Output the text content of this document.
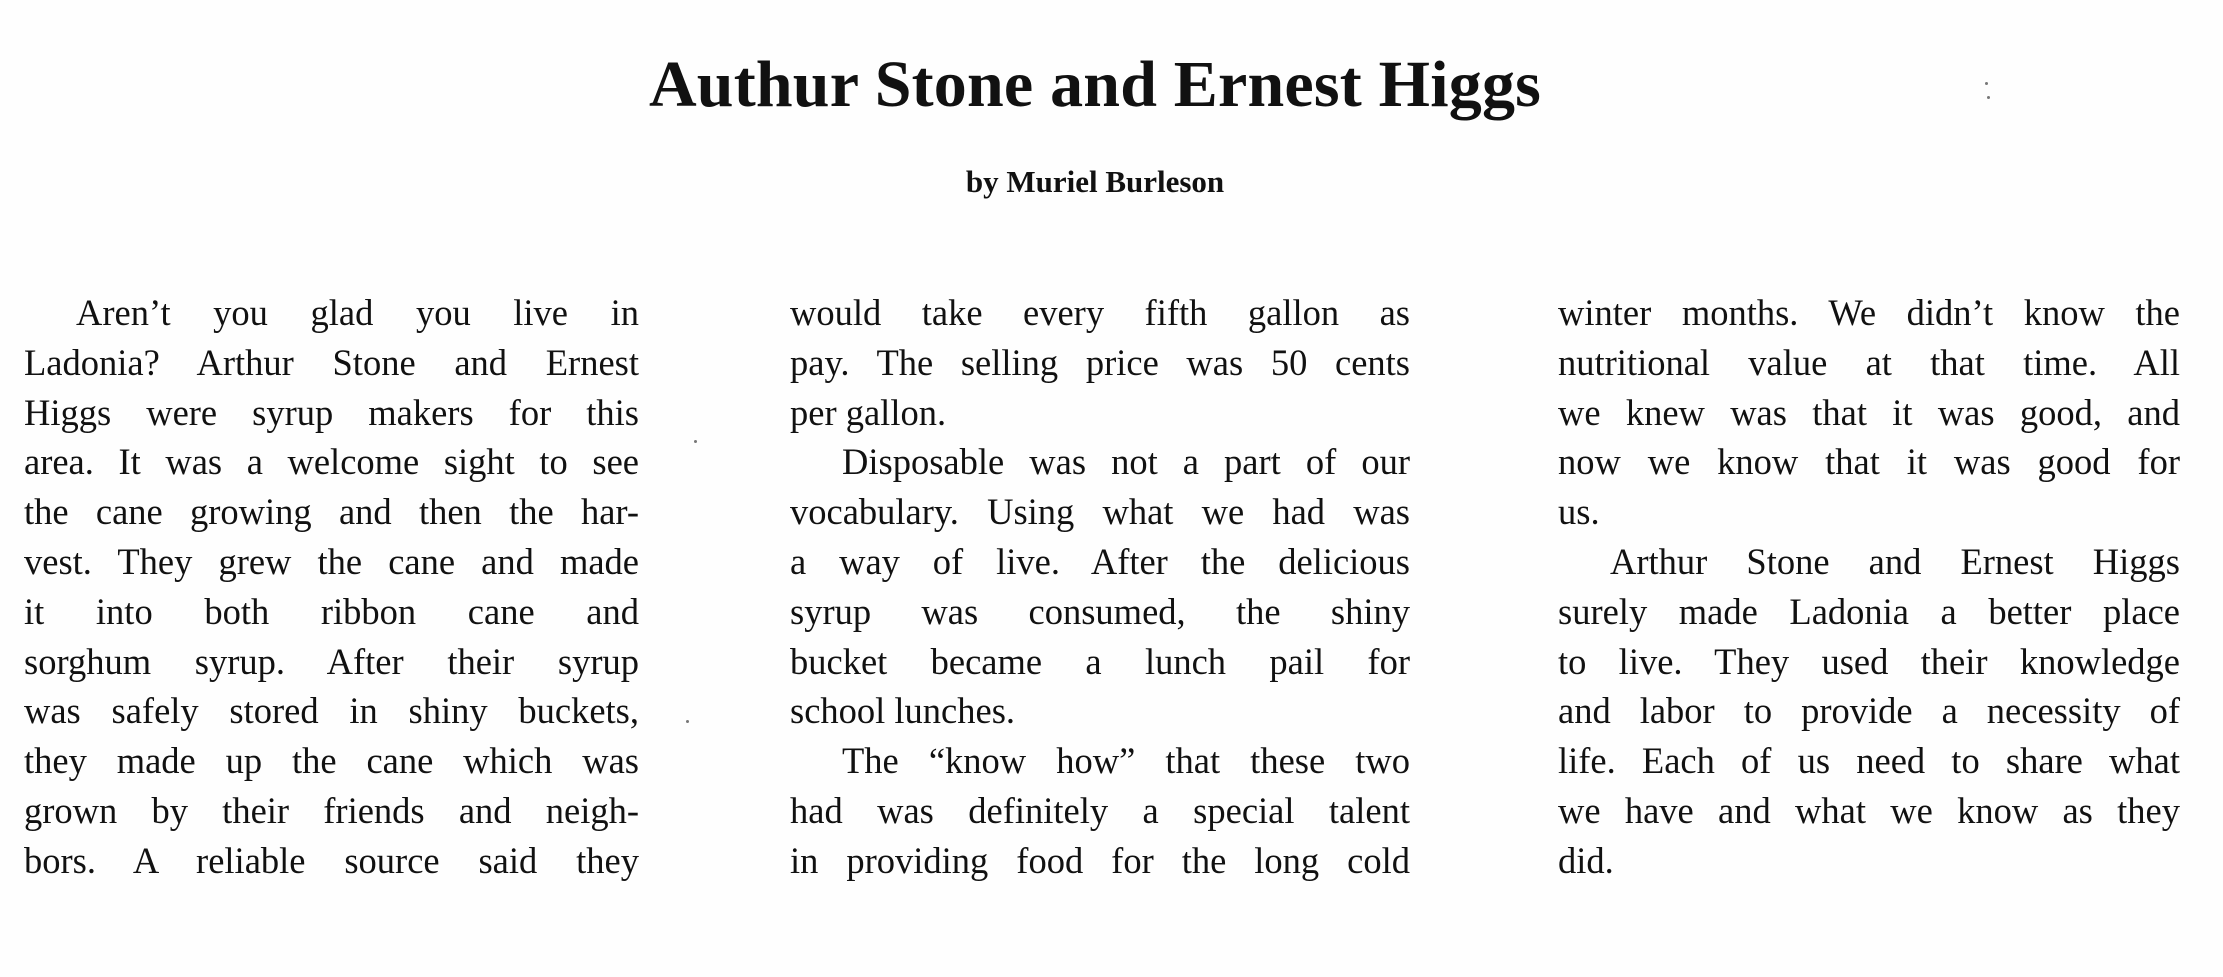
Authur Stone and Ernest Higgs
by Muriel Burleson
Aren’t you glad you live in
Ladonia? Arthur Stone and Ernest
Higgs were syrup makers for this
area. It was a welcome sight to see
the cane growing and then the har-
vest. They grew the cane and made
it into both ribbon cane and
sorghum syrup. After their syrup
was safely stored in shiny buckets,
they made up the cane which was
grown by their friends and neigh-
bors. A reliable source said they
would take every fifth gallon as
pay. The selling price was 50 cents
per gallon.
Disposable was not a part of our
vocabulary. Using what we had was
a way of live. After the delicious
syrup was consumed, the shiny
bucket became a lunch pail for
school lunches.
The “know how” that these two
had was definitely a special talent
in providing food for the long cold
winter months. We didn’t know the
nutritional value at that time. All
we knew was that it was good, and
now we know that it was good for
us.
Arthur Stone and Ernest Higgs
surely made Ladonia a better place
to live. They used their knowledge
and labor to provide a necessity of
life. Each of us need to share what
we have and what we know as they
did.
